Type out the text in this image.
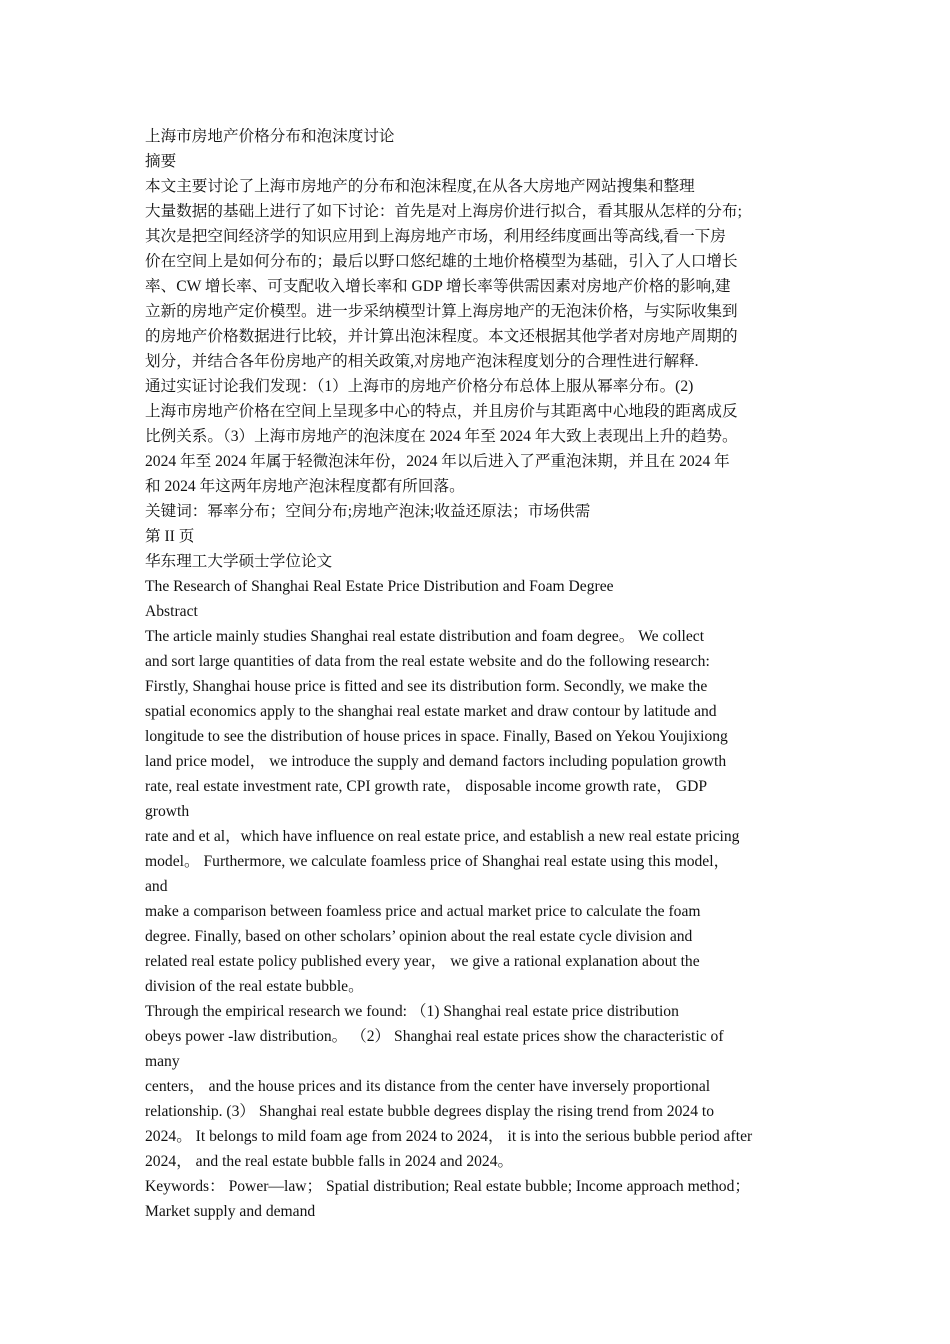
上海市房地产价格分布和泡沫度讨论
摘要
本文主要讨论了上海市房地产的分布和泡沫程度,在从各大房地产网站搜集和整理
大量数据的基础上进行了如下讨论：首先是对上海房价进行拟合，看其服从怎样的分布;
其次是把空间经济学的知识应用到上海房地产市场，利用经纬度画出等高线,看一下房
价在空间上是如何分布的；最后以野口悠纪雄的土地价格模型为基础，引入了人口增长
率、CW 增长率、可支配收入增长率和 GDP 增长率等供需因素对房地产价格的影响,建
立新的房地产定价模型。进一步采纳模型计算上海房地产的无泡沫价格，与实际收集到
的房地产价格数据进行比较，并计算出泡沫程度。本文还根据其他学者对房地产周期的
划分，并结合各年份房地产的相关政策,对房地产泡沫程度划分的合理性进行解释.
通过实证讨论我们发现：（1）上海市的房地产价格分布总体上服从幂率分布。(2)
上海市房地产价格在空间上呈现多中心的特点，并且房价与其距离中心地段的距离成反
比例关系。（3）上海市房地产的泡沫度在 2024 年至 2024 年大致上表现出上升的趋势。
2024 年至 2024 年属于轻微泡沫年份，2024 年以后进入了严重泡沫期，并且在 2024 年
和 2024 年这两年房地产泡沫程度都有所回落。
关键词：幂率分布；空间分布;房地产泡沫;收益还原法；市场供需
第 II 页
华东理工大学硕士学位论文
The Research of Shanghai Real Estate Price Distribution and Foam Degree
Abstract
The article mainly studies Shanghai real estate distribution and foam degree。 We collect
and sort large quantities of data from the real estate website and do the following research:
Firstly, Shanghai house price is fitted and see its distribution form. Secondly, we make the
spatial economics apply to the shanghai real estate market and draw contour by latitude and
longitude to see the distribution of house prices in space. Finally, Based on Yekou Youjixiong
land price model， we introduce the supply and demand factors including population growth
rate, real estate investment rate, CPI growth rate， disposable income growth rate， GDP
growth
rate and et al，which have influence on real estate price, and establish a new real estate pricing
model。 Furthermore, we calculate foamless price of Shanghai real estate using this model，
and
make a comparison between foamless price and actual market price to calculate the foam
degree. Finally, based on other scholars’ opinion about the real estate cycle division and
related real estate policy published every year， we give a rational explanation about the
division of the real estate bubble。
Through the empirical research we found: （1) Shanghai real estate price distribution
obeys power -law distribution。 （2） Shanghai real estate prices show the characteristic of
many
centers， and the house prices and its distance from the center have inversely proportional
relationship. (3） Shanghai real estate bubble degrees display the rising trend from 2024 to
2024。 It belongs to mild foam age from 2024 to 2024， it is into the serious bubble period after
2024， and the real estate bubble falls in 2024 and 2024。
Keywords： Power—law； Spatial distribution; Real estate bubble; Income approach method；
Market supply and demand
